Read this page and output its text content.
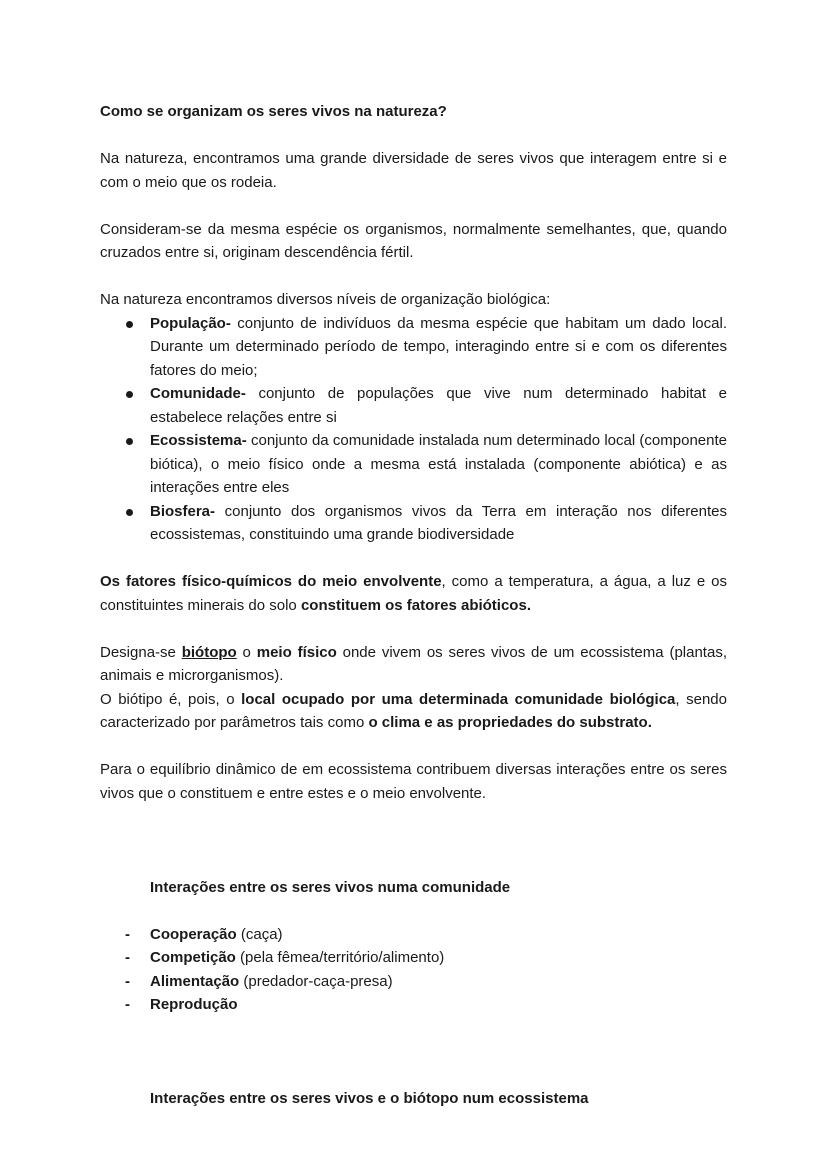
Como se organizam os seres vivos na natureza?

Na natureza, encontramos uma grande diversidade de seres vivos que interagem entre si e com o meio que os rodeia.

Consideram-se da mesma espécie os organismos, normalmente semelhantes, que, quando cruzados entre si, originam descendência fértil.

Na natureza encontramos diversos níveis de organização biológica:

População- conjunto de indivíduos da mesma espécie que habitam um dado local. Durante um determinado período de tempo, interagindo entre si e com os diferentes fatores do meio;
Comunidade- conjunto de populações que vive num determinado habitat e estabelece relações entre si
Ecossistema- conjunto da comunidade instalada num determinado local (componente biótica), o meio físico onde a mesma está instalada (componente abiótica) e as interações entre eles
Biosfera- conjunto dos organismos vivos da Terra em interação nos diferentes ecossistemas, constituindo uma grande biodiversidade

Os fatores físico-químicos do meio envolvente, como a temperatura, a água, a luz e os constituintes minerais do solo constituem os fatores abióticos.

Designa-se biótopo o meio físico onde vivem os seres vivos de um ecossistema (plantas, animais e microrganismos).

O biótipo é, pois, o local ocupado por uma determinada comunidade biológica, sendo caracterizado por parâmetros tais como o clima e as propriedades do substrato.

Para o equilíbrio dinâmico de em ecossistema contribuem diversas interações entre os seres vivos que o constituem e entre estes e o meio envolvente.

Interações entre os seres vivos numa comunidade

- Cooperação (caça)
- Competição (pela fêmea/território/alimento)
- Alimentação (predador-caça-presa)
- Reprodução

Interações entre os seres vivos e o biótopo num ecossistema
